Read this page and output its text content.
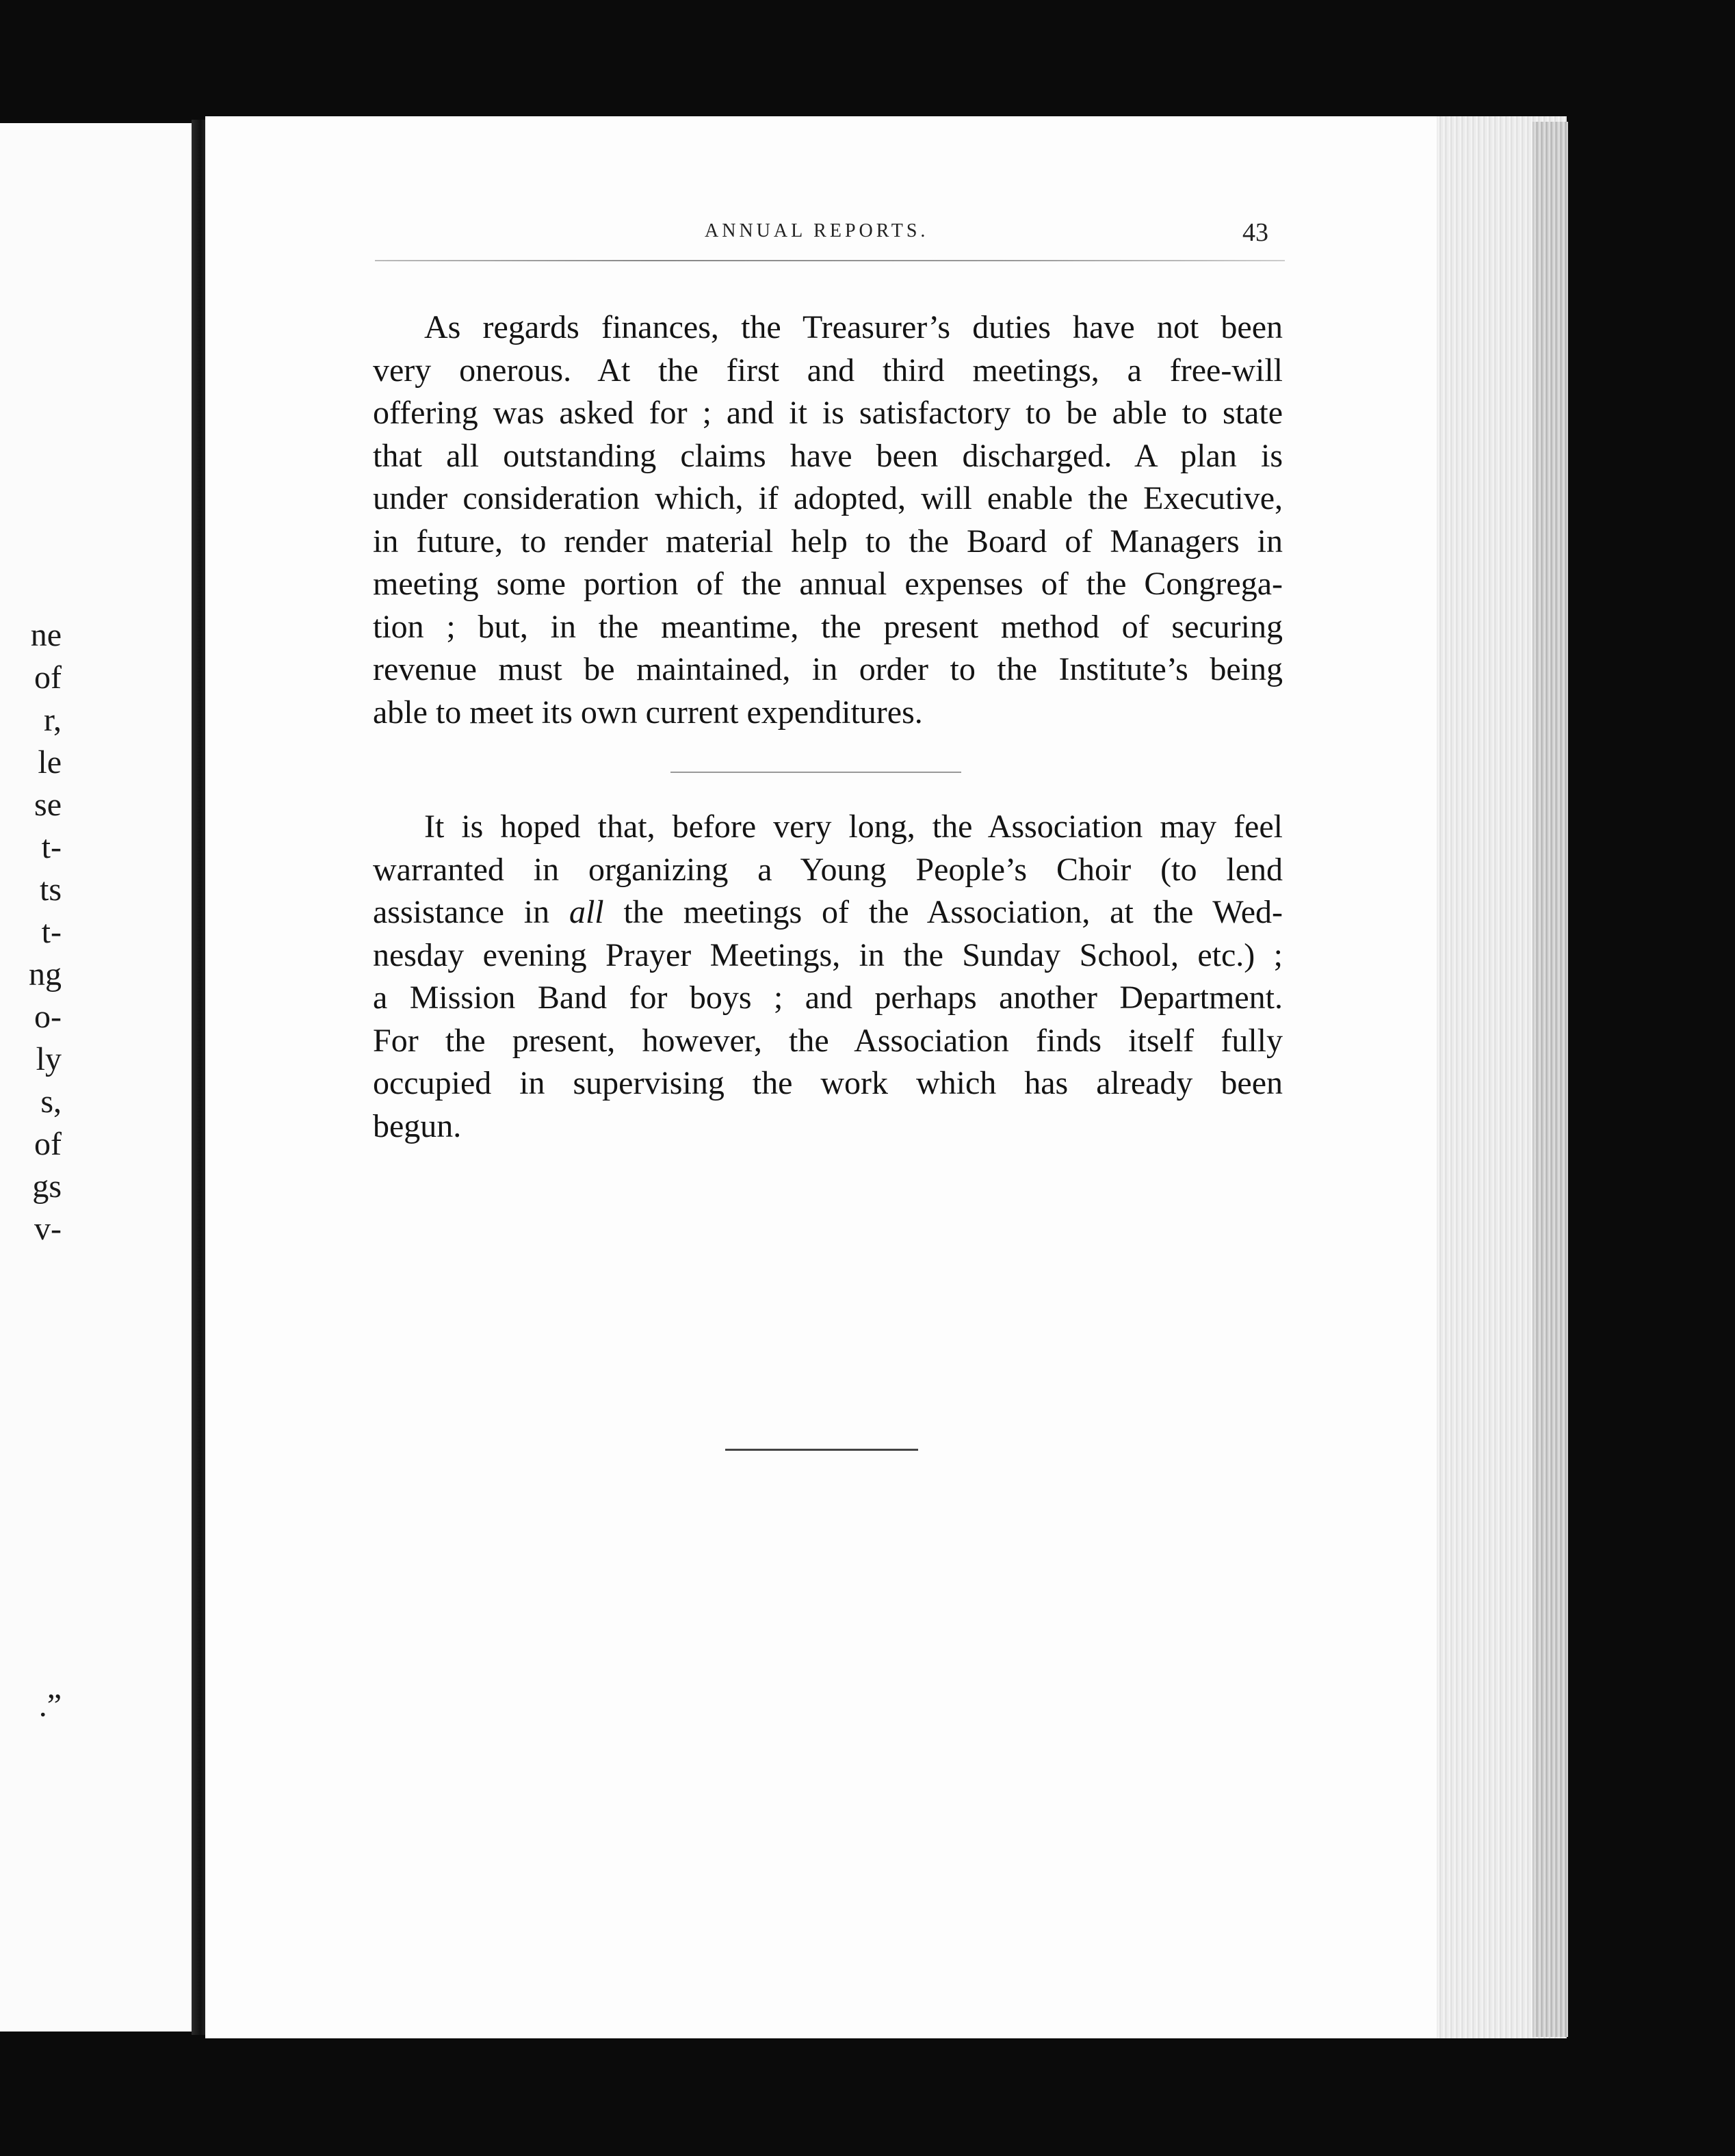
ne
of
r,
le
se
t-
ts
t-
ng
o-
ly
s,
of
gs
v-
.”
ANNUAL REPORTS.	43
As regards finances, the Treasurer’s duties have not been
very onerous. At the first and third meetings, a free-will
offering was asked for ; and it is satisfactory to be able to state
that all outstanding claims have been discharged. A plan is
under consideration which, if adopted, will enable the Executive,
in future, to render material help to the Board of Managers in
meeting some portion of the annual expenses of the Congrega-
tion ; but, in the meantime, the present method of securing
revenue must be maintained, in order to the Institute’s being
able to meet its own current expenditures.
It is hoped that, before very long, the Association may feel
warranted in organizing a Young People’s Choir (to lend
assistance in all the meetings of the Association, at the Wed-
nesday evening Prayer Meetings, in the Sunday School, etc.) ;
a Mission Band for boys ; and perhaps another Department.
For the present, however, the Association finds itself fully
occupied in supervising the work which has already been
begun.
